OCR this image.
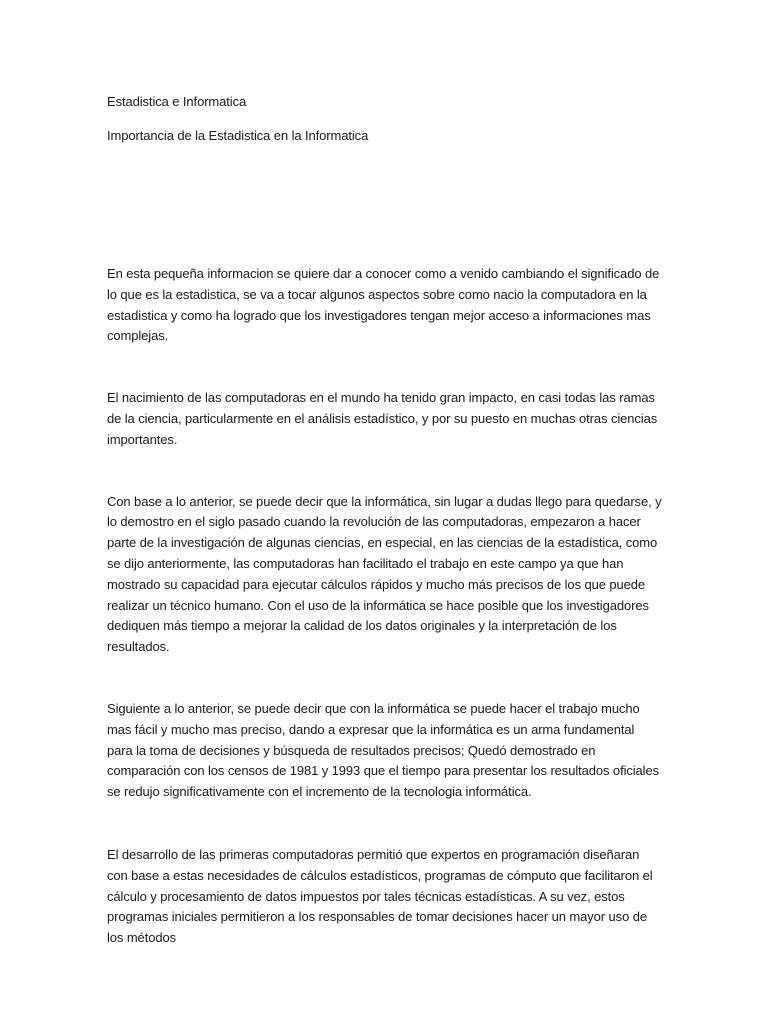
Estadistica e Informatica

Importancia de la Estadistica en la Informatica

En esta pequeña informacion se quiere dar a conocer como a venido cambiando el significado de lo que es la estadistica, se va a tocar algunos aspectos sobre como nacio la computadora en la estadistica y como ha logrado que los investigadores tengan mejor acceso a informaciones mas complejas.

El nacimiento de las computadoras en el mundo ha tenido gran impacto, en casi todas las ramas de la ciencia, particularmente en el análisis estadístico, y por su puesto en muchas otras ciencias importantes.

Con base a lo anterior, se puede decir que la informática, sin lugar a dudas llego para quedarse, y lo demostro en el siglo pasado cuando la revolución de las computadoras, empezaron a hacer parte de la investigación de algunas ciencias, en especial, en las ciencias de la estadística, como se dijo anteriormente, las computadoras han facilitado el trabajo en este campo ya que han mostrado su capacidad para ejecutar cálculos rápidos y mucho más precisos de los que puede realizar un técnico humano. Con el uso de la informática se hace posible que los investigadores dediquen más tiempo a mejorar la calidad de los datos originales y la interpretación de los resultados.

Siguiente a lo anterior, se puede decir que con la informática se puede hacer el trabajo mucho mas fácil y mucho mas preciso, dando a expresar que la informática es un arma fundamental para la toma de decisiones y búsqueda de resultados precisos; Quedó demostrado en comparación con los censos de 1981 y 1993 que el tiempo para presentar los resultados oficiales se redujo significativamente con el incremento de la tecnologia informática.

El desarrollo de las primeras computadoras permitió que expertos en programación diseñaran con base a estas necesidades de cálculos estadísticos, programas de cómputo que facilitaron el cálculo y procesamiento de datos impuestos por tales técnicas estadísticas. A su vez, estos programas iniciales permitieron a los responsables de tomar decisiones hacer un mayor uso de los métodos
